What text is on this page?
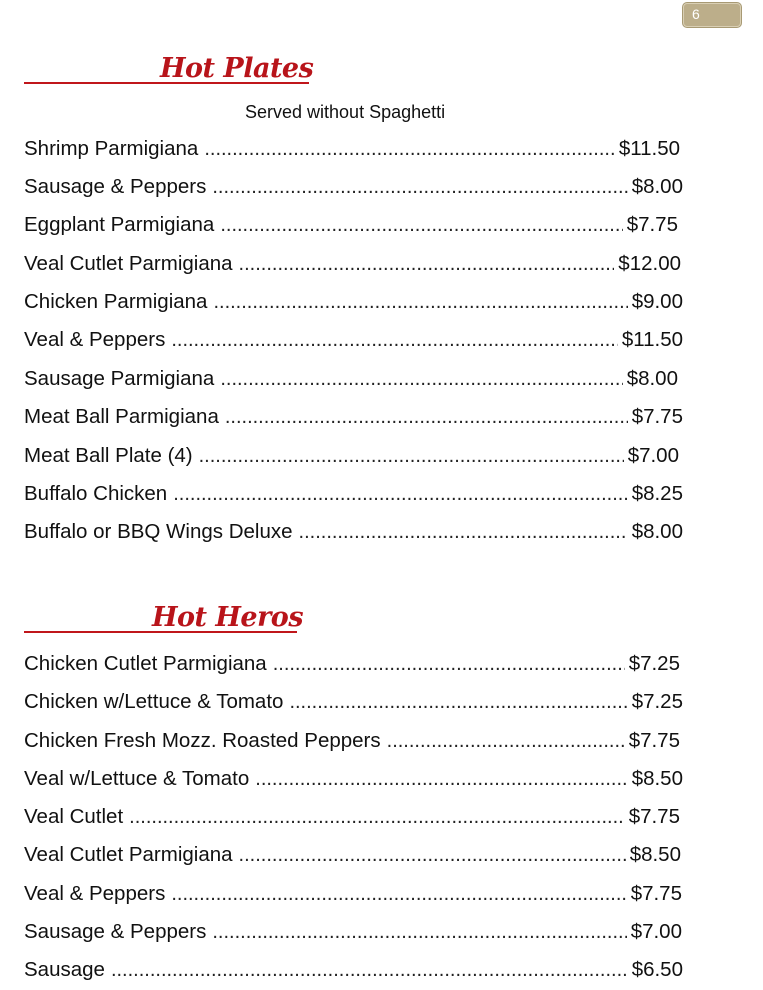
6
Hot Plates
Served without Spaghetti
Shrimp Parmigiana .....	$11.50
Sausage & Peppers .....	$8.00
Eggplant Parmigiana .....	$7.75
Veal Cutlet Parmigiana .....	$12.00
Chicken Parmigiana .....	$9.00
Veal & Peppers .....	$11.50
Sausage Parmigiana .....	$8.00
Meat Ball Parmigiana .....	$7.75
Meat Ball Plate (4) .....	$7.00
Buffalo Chicken .....	$8.25
Buffalo or BBQ Wings Deluxe .....	$8.00
Hot Heros
Chicken Cutlet Parmigiana .....	$7.25
Chicken w/Lettuce & Tomato .....	$7.25
Chicken Fresh Mozz. Roasted Peppers .....	$7.75
Veal w/Lettuce & Tomato .....	$8.50
Veal Cutlet .....	$7.75
Veal Cutlet Parmigiana .....	$8.50
Veal & Peppers .....	$7.75
Sausage & Peppers .....	$7.00
Sausage .....	$6.50
